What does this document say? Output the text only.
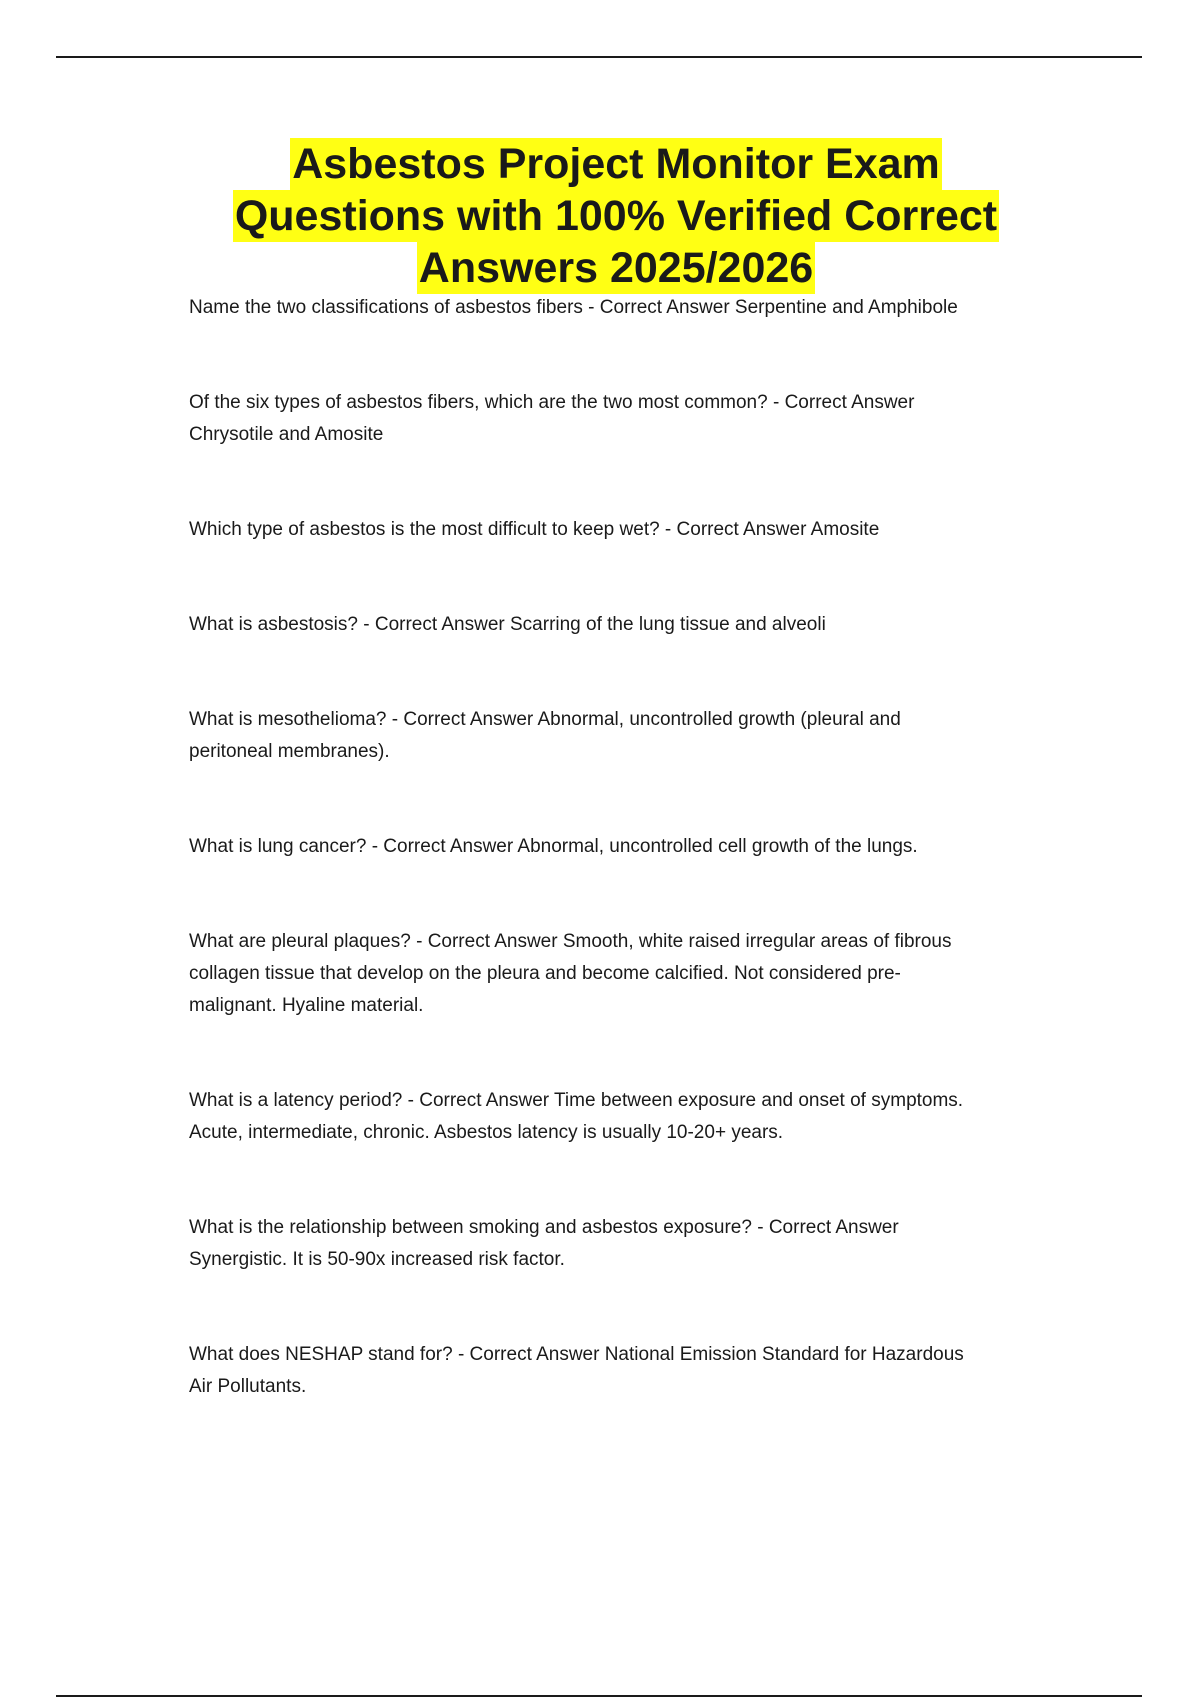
Asbestos Project Monitor Exam
Questions with 100% Verified Correct
Answers 2025/2026
Name the two classifications of asbestos fibers - Correct Answer Serpentine and Amphibole
Of the six types of asbestos fibers, which are the two most common? - Correct Answer
Chrysotile and Amosite
Which type of asbestos is the most difficult to keep wet? - Correct Answer Amosite
What is asbestosis? - Correct Answer Scarring of the lung tissue and alveoli
What is mesothelioma? - Correct Answer Abnormal, uncontrolled growth (pleural and
peritoneal membranes).
What is lung cancer? - Correct Answer Abnormal, uncontrolled cell growth of the lungs.
What are pleural plaques? - Correct Answer Smooth, white raised irregular areas of fibrous
collagen tissue that develop on the pleura and become calcified. Not considered pre-
malignant. Hyaline material.
What is a latency period? - Correct Answer Time between exposure and onset of symptoms.
Acute, intermediate, chronic. Asbestos latency is usually 10-20+ years.
What is the relationship between smoking and asbestos exposure? - Correct Answer
Synergistic. It is 50-90x increased risk factor.
What does NESHAP stand for? - Correct Answer National Emission Standard for Hazardous
Air Pollutants.
